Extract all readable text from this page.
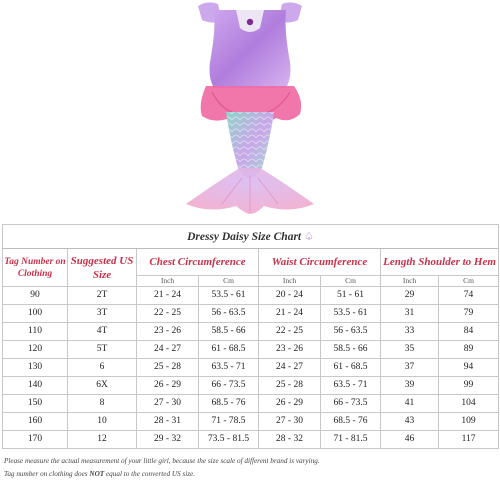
Dressy Daisy Size Chart ♤							
Tag Number on Clothing	Suggested US Size	Chest Circumference		Waist Circumference		Length Shoulder to Hem	
		Inch	Cm	Inch	Cm	Inch	Cm
90	2T	21 - 24	53.5 - 61	20 - 24	51 - 61	29	74
100	3T	22 - 25	56 - 63.5	21 - 24	53.5 - 61	31	79
110	4T	23 - 26	58.5 - 66	22 - 25	56 - 63.5	33	84
120	5T	24 - 27	61 - 68.5	23 - 26	58.5 - 66	35	89
130	6	25 - 28	63.5 - 71	24 - 27	61 - 68.5	37	94
140	6X	26 - 29	66 - 73.5	25 - 28	63.5 - 71	39	99
150	8	27 - 30	68.5 - 76	26 - 29	66 - 73.5	41	104
160	10	28 - 31	71 - 78.5	27 - 30	68.5 - 76	43	109
170	12	29 - 32	73.5 - 81.5	28 - 32	71 - 81.5	46	117
Please measure the actual measurement of your little girl, because the size scale of different brand is varying.
Tag number on clothing does NOT equal to the converted US size.
